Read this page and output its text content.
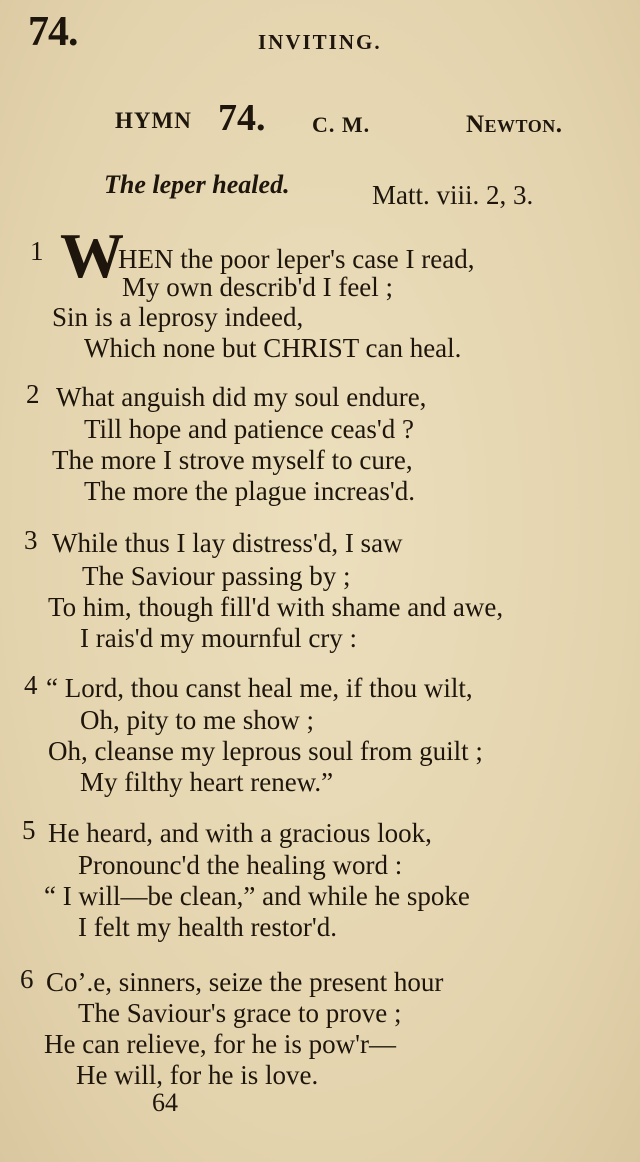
74.	INVITING.
HYMN 74. C. M.	Newton.
The leper healed.	Matt. viii. 2, 3.
1 W
HEN the poor leper's case I read,
My own describ'd I feel ;
Sin is a leprosy indeed,
Which none but CHRIST can heal.
2 What anguish did my soul endure,
Till hope and patience ceas'd ?
The more I strove myself to cure,
The more the plague increas'd.
3 While thus I lay distress'd, I saw
The Saviour passing by ;
To him, though fill'd with shame and awe,
I rais'd my mournful cry :
4 “ Lord, thou canst heal me, if thou wilt,
Oh, pity to me show ;
Oh, cleanse my leprous soul from guilt ;
My filthy heart renew.”
5 He heard, and with a gracious look,
Pronounc'd the healing word :
“ I will—be clean,” and while he spoke
I felt my health restor'd.
6 Co’.e, sinners, seize the present hour
The Saviour's grace to prove ;
He can relieve, for he is pow'r—
He will, for he is love.
64
